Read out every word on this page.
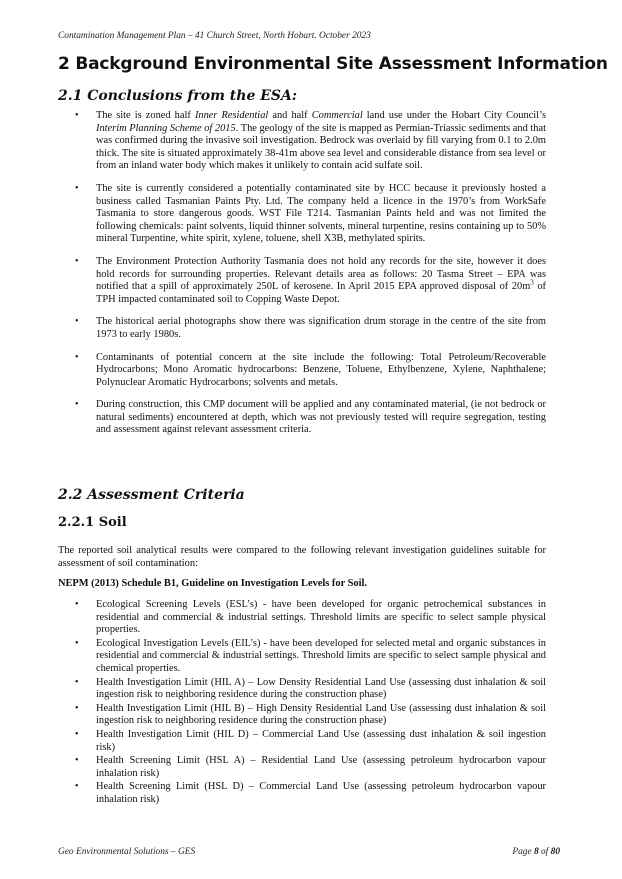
Contamination Management Plan – 41 Church Street, North Hobart. October 2023
2 Background Environmental Site Assessment Information
2.1 Conclusions from the ESA:
• The site is zoned half Inner Residential and half Commercial land use under the Hobart City Council’s Interim Planning Scheme of 2015. The geology of the site is mapped as Permian-Triassic sediments and that was confirmed during the invasive soil investigation. Bedrock was overlaid by fill varying from 0.1 to 2.0m thick. The site is situated approximately 38-41m above sea level and considerable distance from sea level or from an inland water body which makes it unlikely to contain acid sulfate soil.
• The site is currently considered a potentially contaminated site by HCC because it previously hosted a business called Tasmanian Paints Pty. Ltd. The company held a licence in the 1970’s from WorkSafe Tasmania to store dangerous goods. WST File T214. Tasmanian Paints held and was not limited the following chemicals: paint solvents, liquid thinner solvents, mineral turpentine, resins containing up to 50% mineral Turpentine, white spirit, xylene, toluene, shell X3B, methylated spirits.
• The Environment Protection Authority Tasmania does not hold any records for the site, however it does hold records for surrounding properties. Relevant details area as follows: 20 Tasma Street – EPA was notified that a spill of approximately 250L of kerosene. In April 2015 EPA approved disposal of $20m^3$ of TPH impacted contaminated soil to Copping Waste Depot.
• The historical aerial photographs show there was signification drum storage in the centre of the site from 1973 to early 1980s.
• Contaminants of potential concern at the site include the following: Total Petroleum/Recoverable Hydrocarbons; Mono Aromatic hydrocarbons: Benzene, Toluene, Ethylbenzene, Xylene, Naphthalene; Polynuclear Aromatic Hydrocarbons; solvents and metals.
• During construction, this CMP document will be applied and any contaminated material, (ie not bedrock or natural sediments) encountered at depth, which was not previously tested will require segregation, testing and assessment against relevant assessment criteria.
2.2 Assessment Criteria
2.2.1 Soil
The reported soil analytical results were compared to the following relevant investigation guidelines suitable for assessment of soil contamination:
NEPM (2013) Schedule B1, Guideline on Investigation Levels for Soil.
• Ecological Screening Levels (ESL’s) - have been developed for organic petrochemical substances in residential and commercial & industrial settings. Threshold limits are specific to select sample physical properties.
• Ecological Investigation Levels (EIL’s) - have been developed for selected metal and organic substances in residential and commercial & industrial settings. Threshold limits are specific to select sample physical and chemical properties.
• Health Investigation Limit (HIL A) – Low Density Residential Land Use (assessing dust inhalation & soil ingestion risk to neighboring residence during the construction phase)
• Health Investigation Limit (HIL B) – High Density Residential Land Use (assessing dust inhalation & soil ingestion risk to neighboring residence during the construction phase)
• Health Investigation Limit (HIL D) – Commercial Land Use (assessing dust inhalation & soil ingestion risk)
• Health Screening Limit (HSL A) – Residential Land Use (assessing petroleum hydrocarbon vapour inhalation risk)
• Health Screening Limit (HSL D) – Commercial Land Use (assessing petroleum hydrocarbon vapour inhalation risk)
Geo Environmental Solutions – GES	Page 8 of 80
